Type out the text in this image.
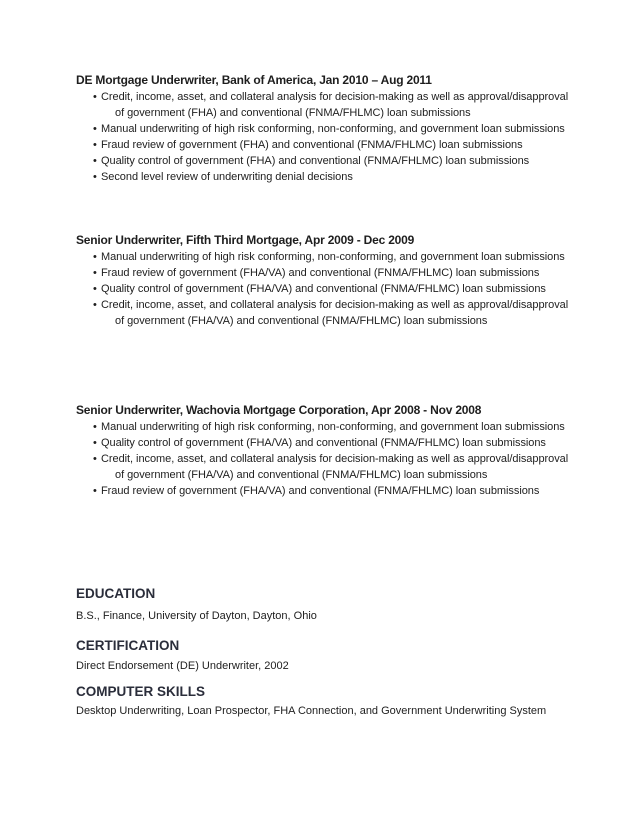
DE Mortgage Underwriter, Bank of America, Jan 2010 – Aug 2011

• Credit, income, asset, and collateral analysis for decision-making as well as approval/disapproval of government (FHA) and conventional (FNMA/FHLMC) loan submissions
• Manual underwriting of high risk conforming, non-conforming, and government loan submissions
• Fraud review of government (FHA) and conventional (FNMA/FHLMC) loan submissions
• Quality control of government (FHA) and conventional (FNMA/FHLMC) loan submissions
• Second level review of underwriting denial decisions

Senior Underwriter, Fifth Third Mortgage, Apr 2009 - Dec 2009

• Manual underwriting of high risk conforming, non-conforming, and government loan submissions
• Fraud review of government (FHA/VA) and conventional (FNMA/FHLMC) loan submissions
• Quality control of government (FHA/VA) and conventional (FNMA/FHLMC) loan submissions
• Credit, income, asset, and collateral analysis for decision-making as well as approval/disapproval of government (FHA/VA) and conventional (FNMA/FHLMC) loan submissions

Senior Underwriter, Wachovia Mortgage Corporation, Apr 2008 - Nov 2008

• Manual underwriting of high risk conforming, non-conforming, and government loan submissions
• Quality control of government (FHA/VA) and conventional (FNMA/FHLMC) loan submissions
• Credit, income, asset, and collateral analysis for decision-making as well as approval/disapproval of government (FHA/VA) and conventional (FNMA/FHLMC) loan submissions
• Fraud review of government (FHA/VA) and conventional (FNMA/FHLMC) loan submissions
EDUCATION

B.S., Finance, University of Dayton, Dayton, Ohio

CERTIFICATION

Direct Endorsement (DE) Underwriter, 2002

COMPUTER SKILLS

Desktop Underwriting, Loan Prospector, FHA Connection, and Government Underwriting System
